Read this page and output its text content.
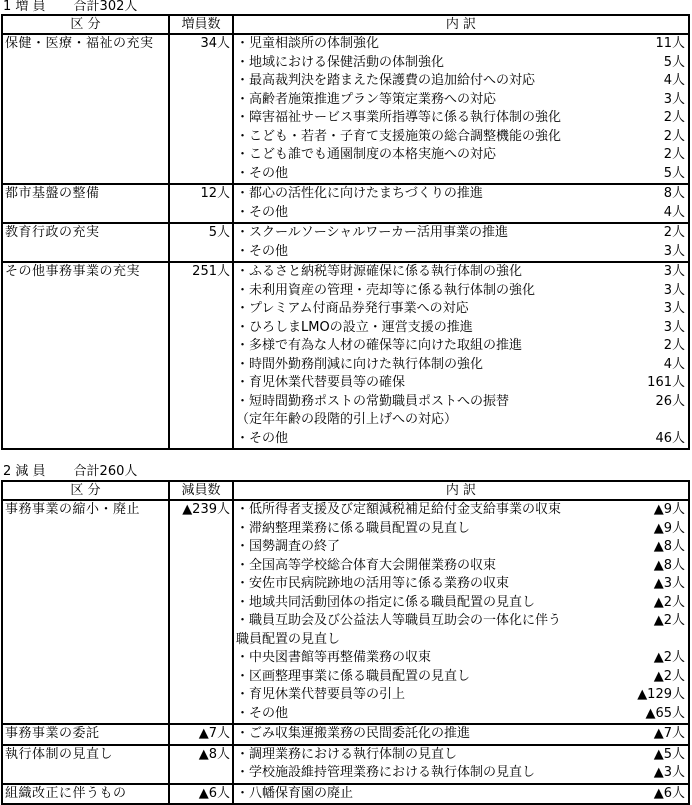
1 増 員 合計302人
区 分	増員数	内 訳

保健・医療・福祉の充実	34人	・児童相談所の体制強化	11人
・地域における保健活動の体制強化	5人
・最高裁判決を踏まえた保護費の追加給付への対応	4人
・高齢者施策推進プラン等策定業務への対応	3人
・障害福祉サービス事業所指導等に係る執行体制の強化	2人
・こども・若者・子育て支援施策の総合調整機能の強化	2人
・こども誰でも通園制度の本格実施への対応	2人
・その他	5人

都市基盤の整備	12人	・都心の活性化に向けたまちづくりの推進 8人
・その他 4人

教育行政の充実	5人	・スクールソーシャルワーカー活用事業の推進 2人
・その他 3人

その他事務事業の充実	251人	・ふるさと納税等財源確保に係る執行体制の強化	3人
・未利用資産の管理・売却等に係る執行体制の強化	3人
・プレミアム付商品券発行事業への対応	3人
・ひろしまLMOの設立・運営支援の推進	3人
・多様で有為な人材の確保等に向けた取組の推進	2人
・時間外勤務削減に向けた執行体制の強化	4人
・育児休業代替要員等の確保	161人
・短時間勤務ポストの常勤職員ポストへの振替	26人
（定年年齢の段階的引上げへの対応）
・その他	46人
2 減 員 合計260人
区 分	減員数	内 訳

事務事業の縮小・廃止	▲239人	・低所得者支援及び定額減税補足給付金支給事業の収束	▲9人
・滞納整理業務に係る職員配置の見直し	▲9人
・国勢調査の終了	▲8人
・全国高等学校総合体育大会開催業務の収束	▲8人
・安佐市民病院跡地の活用等に係る業務の収束	▲3人
・地域共同活動団体の指定に係る職員配置の見直し	▲2人
・職員互助会及び公益法人等職員互助会の一体化に伴う	▲2人
職員配置の見直し
・中央図書館等再整備業務の収束	▲2人
・区画整理事業に係る職員配置の見直し	▲2人
・育児休業代替要員等の引上	▲129人
・その他	▲65人

事務事業の委託	▲7人	・ごみ収集運搬業務の民間委託化の推進 ▲7人

執行体制の見直し	▲8人	・調理業務における執行体制の見直し ▲5人
・学校施設維持管理業務における執行体制の見直し ▲3人

組織改正に伴うもの	▲6人	・八幡保育園の廃止 ▲6人
